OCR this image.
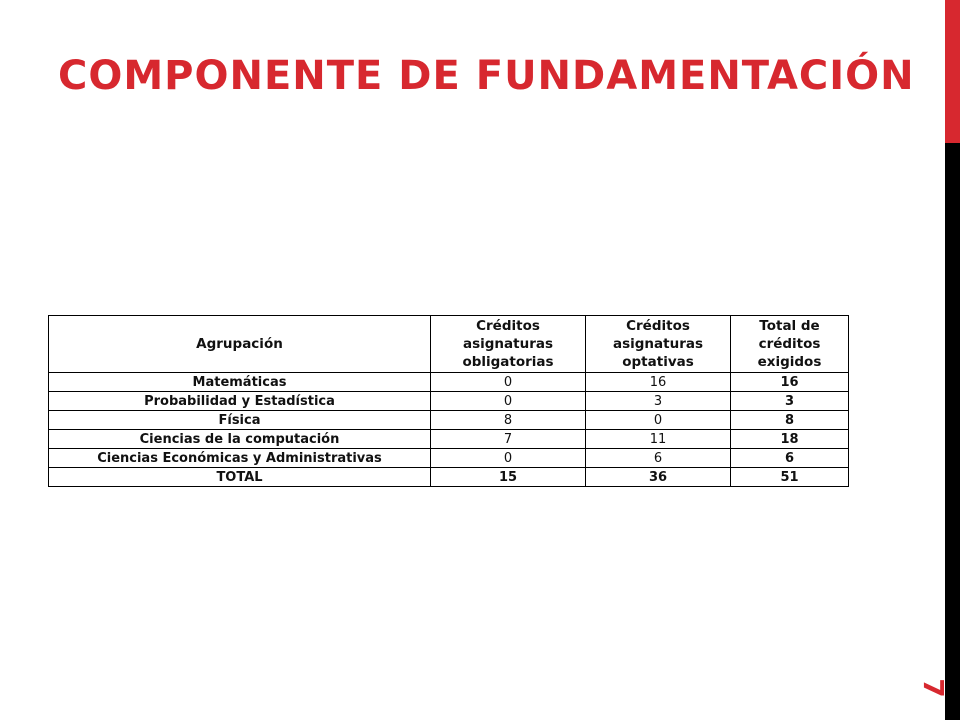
COMPONENTE DE FUNDAMENTACIÓN
7
Agrupación	Créditos asignaturas obligatorias	Créditos asignaturas optativas	Total de créditos exigidos
Matemáticas	0	16	16
Probabilidad y Estadística	0	3	3
Física	8	0	8
Ciencias de la computación	7	11	18
Ciencias Económicas y Administrativas	0	6	6
TOTAL	15	36	51
